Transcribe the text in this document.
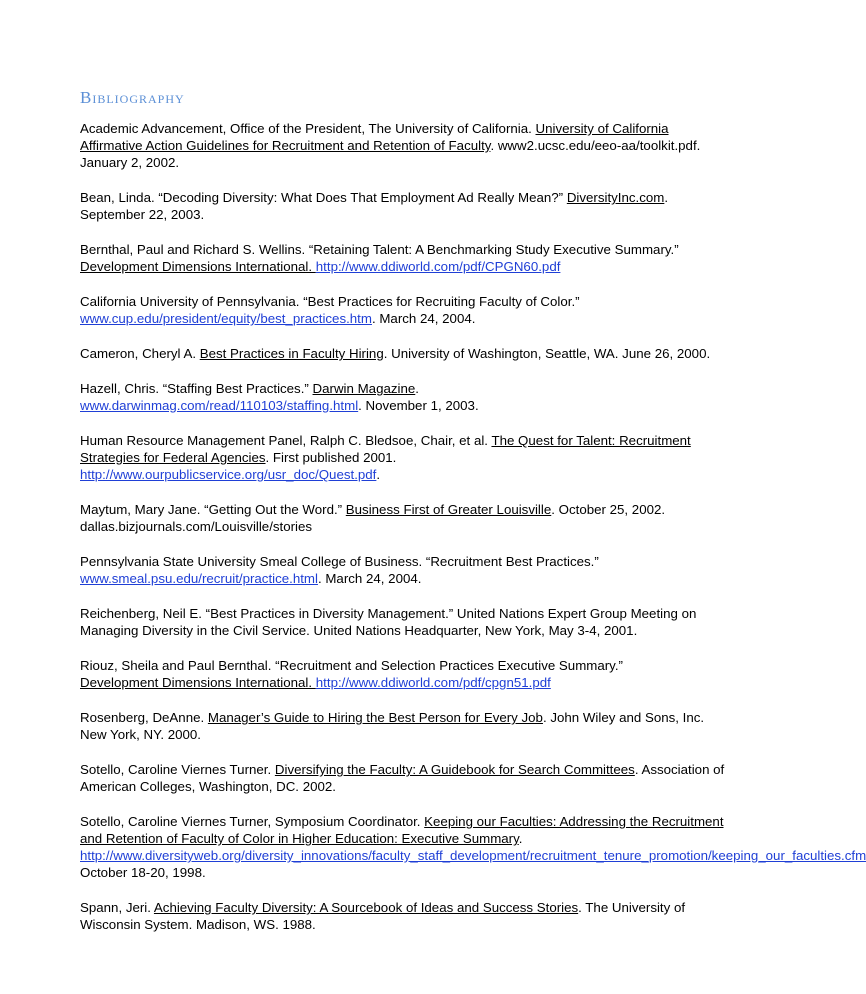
Bibliography
Academic Advancement, Office of the President, The University of California. University of California Affirmative Action Guidelines for Recruitment and Retention of Faculty. www2.ucsc.edu/eeo-aa/toolkit.pdf. January 2, 2002.
Bean, Linda. “Decoding Diversity: What Does That Employment Ad Really Mean?” DiversityInc.com. September 22, 2003.
Bernthal, Paul and Richard S. Wellins. “Retaining Talent: A Benchmarking Study Executive Summary.” Development Dimensions International. http://www.ddiworld.com/pdf/CPGN60.pdf
California University of Pennsylvania. “Best Practices for Recruiting Faculty of Color.” www.cup.edu/president/equity/best_practices.htm. March 24, 2004.
Cameron, Cheryl A. Best Practices in Faculty Hiring. University of Washington, Seattle, WA. June 26, 2000.
Hazell, Chris. “Staffing Best Practices.” Darwin Magazine.
www.darwinmag.com/read/110103/staffing.html. November 1, 2003.
Human Resource Management Panel, Ralph C. Bledsoe, Chair, et al. The Quest for Talent: Recruitment Strategies for Federal Agencies. First published 2001.
http://www.ourpublicservice.org/usr_doc/Quest.pdf.
Maytum, Mary Jane. “Getting Out the Word.” Business First of Greater Louisville. October 25, 2002. dallas.bizjournals.com/Louisville/stories
Pennsylvania State University Smeal College of Business. “Recruitment Best Practices.”
www.smeal.psu.edu/recruit/practice.html. March 24, 2004.
Reichenberg, Neil E. “Best Practices in Diversity Management.” United Nations Expert Group Meeting on Managing Diversity in the Civil Service. United Nations Headquarter, New York, May 3-4, 2001.
Riouz, Sheila and Paul Bernthal. “Recruitment and Selection Practices Executive Summary.”
Development Dimensions International. http://www.ddiworld.com/pdf/cpgn51.pdf
Rosenberg, DeAnne. Manager’s Guide to Hiring the Best Person for Every Job. John Wiley and Sons, Inc. New York, NY. 2000.
Sotello, Caroline Viernes Turner. Diversifying the Faculty: A Guidebook for Search Committees. Association of American Colleges, Washington, DC. 2002.
Sotello, Caroline Viernes Turner, Symposium Coordinator. Keeping our Faculties: Addressing the Recruitment and Retention of Faculty of Color in Higher Education: Executive Summary. http://www.diversityweb.org/diversity_innovations/faculty_staff_development/recruitment_tenure_promotion/keeping_our_faculties.cfm October 18-20, 1998.
Spann, Jeri. Achieving Faculty Diversity: A Sourcebook of Ideas and Success Stories. The University of Wisconsin System. Madison, WS. 1988.
